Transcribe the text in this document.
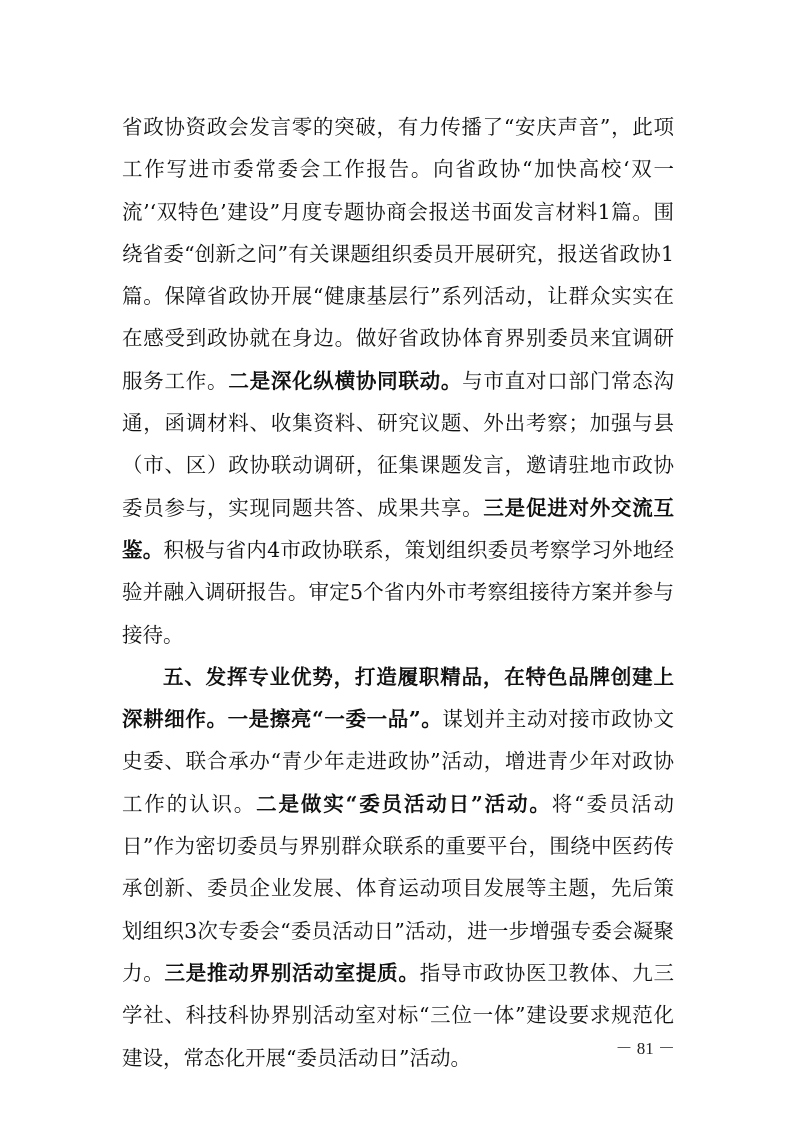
省政协资政会发言零的突破，有力传播了“安庆声音”，此项工作写进市委常委会工作报告。向省政协“加快高校‘双一流’‘双特色’建设”月度专题协商会报送书面发言材料1篇。围绕省委“创新之问”有关课题组织委员开展研究，报送省政协1篇。保障省政协开展“健康基层行”系列活动，让群众实实在在感受到政协就在身边。做好省政协体育界别委员来宜调研服务工作。二是深化纵横协同联动。与市直对口部门常态沟通，函调材料、收集资料、研究议题、外出考察；加强与县（市、区）政协联动调研，征集课题发言，邀请驻地市政协委员参与，实现同题共答、成果共享。三是促进对外交流互鉴。积极与省内4市政协联系，策划组织委员考察学习外地经验并融入调研报告。审定5个省内外市考察组接待方案并参与接待。

五、发挥专业优势，打造履职精品，在特色品牌创建上深耕细作。一是擦亮“一委一品”。谋划并主动对接市政协文史委、联合承办“青少年走进政协”活动，增进青少年对政协工作的认识。二是做实“委员活动日”活动。将“委员活动日”作为密切委员与界别群众联系的重要平台，围绕中医药传承创新、委员企业发展、体育运动项目发展等主题，先后策划组织3次专委会“委员活动日”活动，进一步增强专委会凝聚力。三是推动界别活动室提质。指导市政协医卫教体、九三学社、科技科协界别活动室对标“三位一体”建设要求规范化建设，常态化开展“委员活动日”活动。	－ 81 －
